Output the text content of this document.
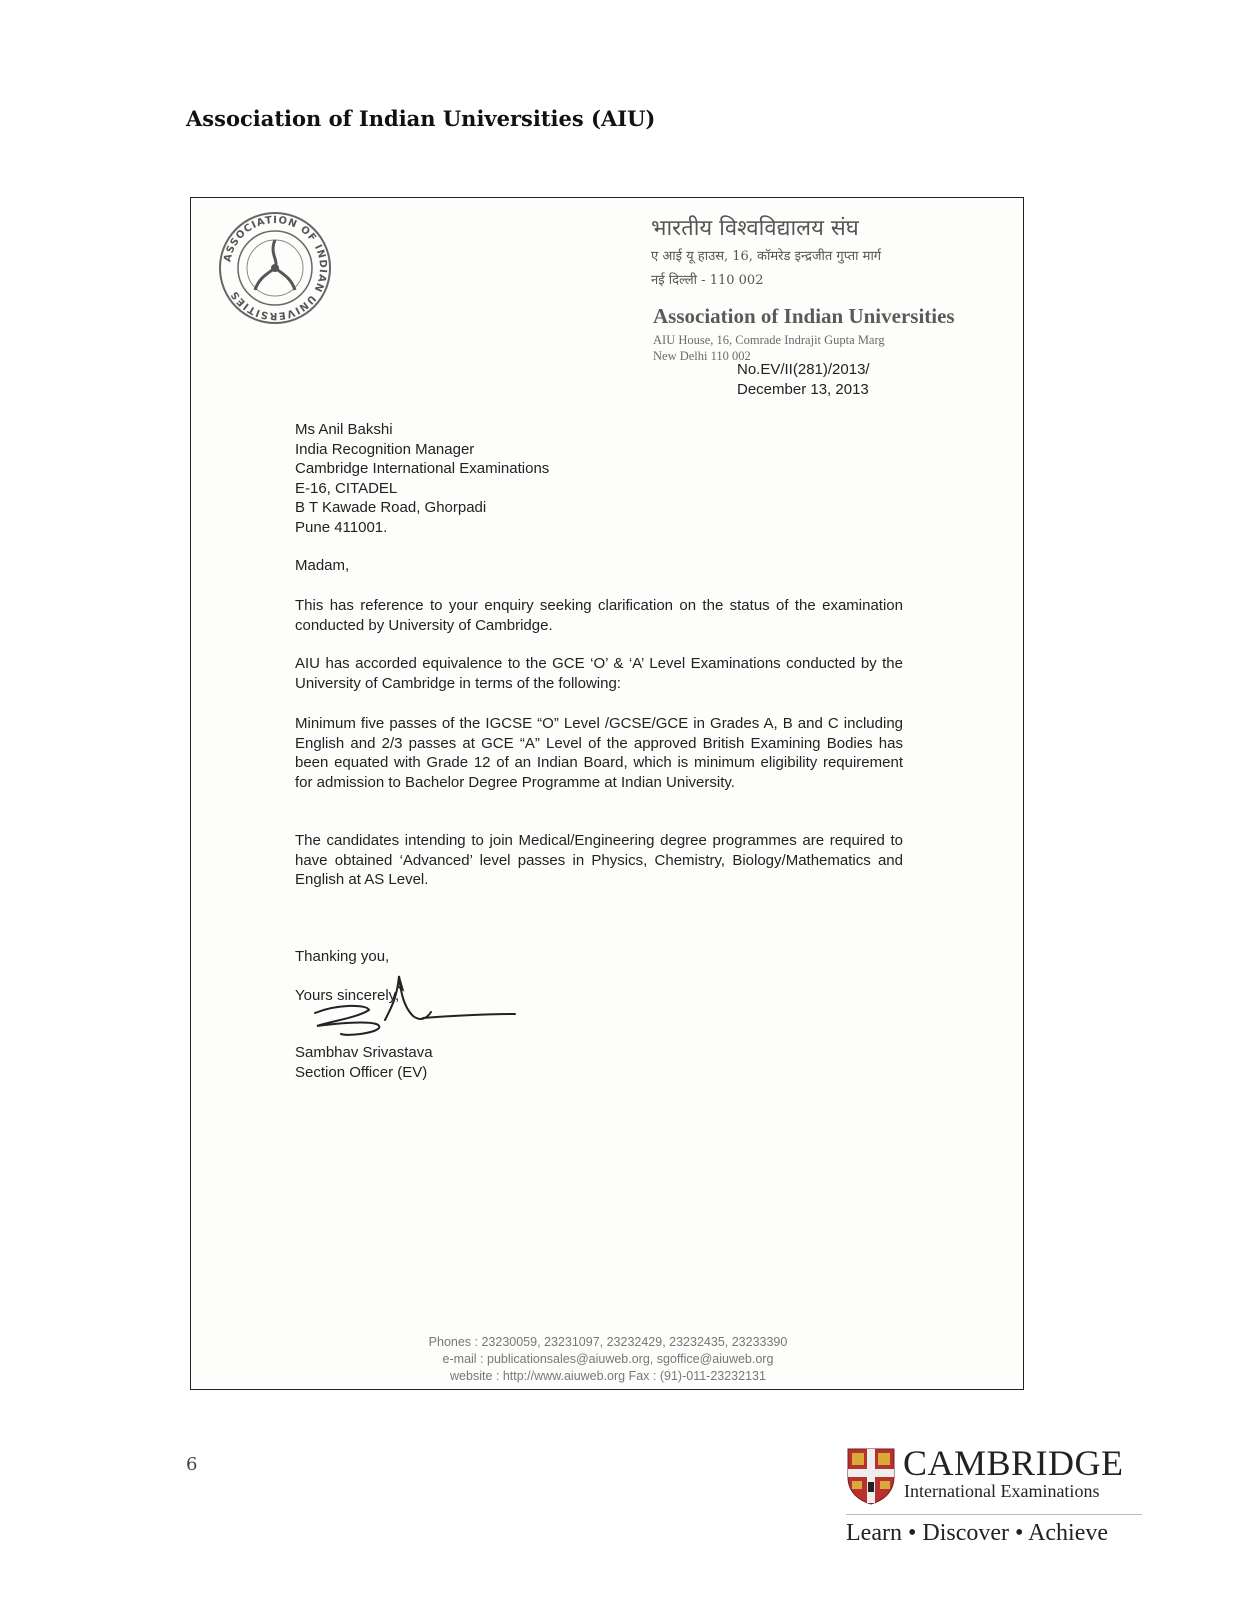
Association of Indian Universities (AIU)
ASSOCIATION OF INDIAN UNIVERSITIES
भारतीय विश्वविद्यालय संघ
ए आई यू हाउस, 16, कॉमरेड इन्द्रजीत गुप्ता मार्ग
नई दिल्ली - 110 002
Association of Indian Universities
AIU House, 16, Comrade Indrajit Gupta Marg
New Delhi 110 002
No.EV/II(281)/2013/
December 13, 2013
Ms Anil Bakshi
India Recognition Manager
Cambridge International Examinations
E-16, CITADEL
B T Kawade Road, Ghorpadi
Pune 411001.
Madam,

This has reference to your enquiry seeking clarification on the status of the examination conducted by University of Cambridge.

AIU has accorded equivalence to the GCE ‘O’ & ‘A’ Level Examinations conducted by the University of Cambridge in terms of the following:

Minimum five passes of the IGCSE “O” Level /GCSE/GCE in Grades A, B and C including English and 2/3 passes at GCE “A” Level of the approved British Examining Bodies has been equated with Grade 12 of an Indian Board, which is minimum eligibility requirement for admission to Bachelor Degree Programme at Indian University.

The candidates intending to join Medical/Engineering degree programmes are required to have obtained ‘Advanced’ level passes in Physics, Chemistry, Biology/Mathematics and English at AS Level.

Thanking you,
Yours sincerely,
Sambhav Srivastava
Section Officer (EV)
Phones : 23230059, 23231097, 23232429, 23232435, 23233390
e-mail : publicationsales@aiuweb.org, sgoffice@aiuweb.org
website : http://www.aiuweb.org Fax : (91)-011-23232131
6	CAMBRIDGE
International Examinations
Learn • Discover • Achieve
